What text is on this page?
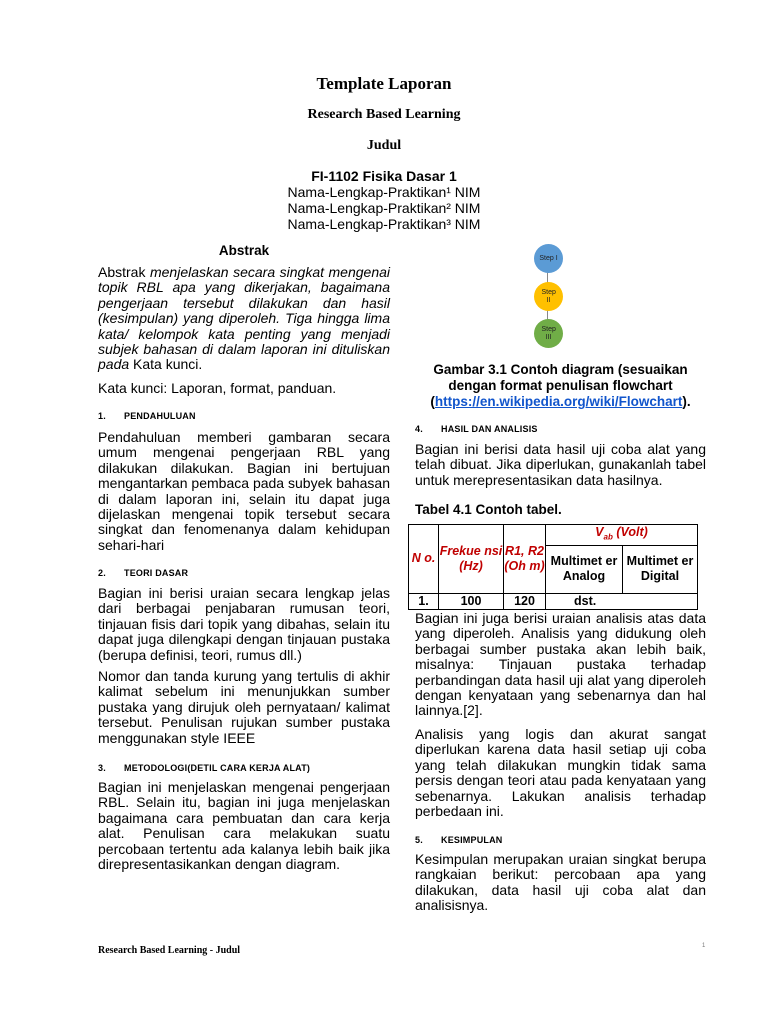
Template Laporan
Research Based Learning
Judul
FI-1102 Fisika Dasar 1
Nama-Lengkap-Praktikan¹ NIM
Nama-Lengkap-Praktikan² NIM
Nama-Lengkap-Praktikan³ NIM
Abstrak
Abstrak menjelaskan secara singkat mengenai topik RBL apa yang dikerjakan, bagaimana pengerjaan tersebut dilakukan dan hasil (kesimpulan) yang diperoleh. Tiga hingga lima kata/ kelompok kata penting yang menjadi subjek bahasan di dalam laporan ini dituliskan pada Kata kunci.
Kata kunci: Laporan, format, panduan.
1. PENDAHULUAN
Pendahuluan memberi gambaran secara umum mengenai pengerjaan RBL yang dilakukan dilakukan. Bagian ini bertujuan mengantarkan pembaca pada subyek bahasan di dalam laporan ini, selain itu dapat juga dijelaskan mengenai topik tersebut secara singkat dan fenomenanya dalam kehidupan sehari-hari
2. TEORI DASAR
Bagian ini berisi uraian secara lengkap jelas dari berbagai penjabaran rumusan teori, tinjauan fisis dari topik yang dibahas, selain itu dapat juga dilengkapi dengan tinjauan pustaka (berupa definisi, teori, rumus dll.)
Nomor dan tanda kurung yang tertulis di akhir kalimat sebelum ini menunjukkan sumber pustaka yang dirujuk oleh pernyataan/ kalimat tersebut. Penulisan rujukan sumber pustaka menggunakan style IEEE
3. METODOLOGI(DETIL CARA KERJA ALAT)
Bagian ini menjelaskan mengenai pengerjaan RBL. Selain itu, bagian ini juga menjelaskan bagaimana cara pembuatan dan cara kerja alat. Penulisan cara melakukan suatu percobaan tertentu ada kalanya lebih baik jika direpresentasikankan dengan diagram.
Step I
Step II
Step III
Gambar 3.1 Contoh diagram (sesuaikan
dengan format penulisan flowchart
(https://en.wikipedia.org/wiki/Flowchart).
4. HASIL DAN ANALISIS
Bagian ini berisi data hasil uji coba alat yang telah dibuat. Jika diperlukan, gunakanlah tabel untuk merepresentasikan data hasilnya.
Tabel 4.1 Contoh tabel.
N o.	Frekue nsi (Hz)	R1, R2 (Oh m)	$V_{ab}$ (Volt)	
			Multimet er Analog	Multimet er Digital
1.	100	120	dst.	
Bagian ini juga berisi uraian analisis atas data yang diperoleh. Analisis yang didukung oleh berbagai sumber pustaka akan lebih baik, misalnya: Tinjauan pustaka terhadap perbandingan data hasil uji alat yang diperoleh dengan kenyataan yang sebenarnya dan hal lainnya.[2].
Analisis yang logis dan akurat sangat diperlukan karena data hasil setiap uji coba yang telah dilakukan mungkin tidak sama persis dengan teori atau pada kenyataan yang sebenarnya. Lakukan analisis terhadap perbedaan ini.
5. KESIMPULAN
Kesimpulan merupakan uraian singkat berupa rangkaian berikut: percobaan apa yang dilakukan, data hasil uji coba alat dan analisisnya.
Research Based Learning - Judul	1
